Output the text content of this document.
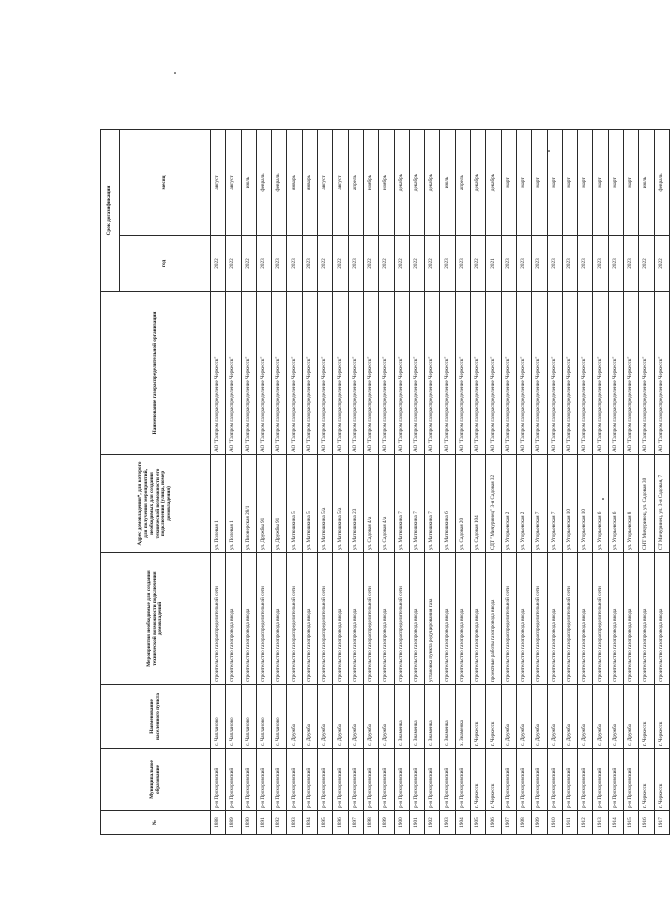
№	Муниципальное образование	Наименование населенного пункта	Мероприятия необходимые для создания технической возможности подключения домовладений	Адрес домовладения*, для которого для получения мероприятий, необходимых для создания технической возможности его подключения (улица, номер домовладения)	Наименование газораспределительной организации	Срок догазификации	
						год	месяц
1888	р-н Прохоровский	с. Чапланово	строительство газораспределительной сети	ул. Полевая 1	АО "Газпром газораспределение Черкесск"	2022	август
1889	р-н Прохоровский	с. Чапланово	строительство газопровода ввода	ул. Полевая 1	АО "Газпром газораспределение Черкесск"	2022	август
1890	р-н Прохоровский	с. Чапланово	строительство газопровода ввода	ул. Пионерская 28/1	АО "Газпром газораспределение Черкесск"	2022	июль
1891	р-н Прохоровский	с. Чапланово	строительство газораспределительной сети	ул. Дружбы 91	АО "Газпром газораспределение Черкесск"	2023	февраль
1892	р-н Прохоровский	с. Чапланово	строительство газопровода ввода	ул. Дружбы 91	АО "Газпром газораспределение Черкесск"	2023	февраль
1893	р-н Прохоровский	с. Дружба	строительство газораспределительной сети	ул. Матюшкина 5	АО "Газпром газораспределение Черкесск"	2023	январь
1894	р-н Прохоровский	с. Дружба	строительство газопровода ввода	ул. Матюшкина 5	АО "Газпром газораспределение Черкесск"	2023	январь
1895	р-н Прохоровский	с. Дружба	строительство газораспределительной сети	ул. Матюшкина 5/а	АО "Газпром газораспределение Черкесск"	2022	август
1896	р-н Прохоровский	с. Дружба	строительство газопровода ввода	ул. Матюшкина 5/а	АО "Газпром газораспределение Черкесск"	2022	август
1897	р-н Прохоровский	с. Дружба	строительство газопровода ввода	ул. Матюшкина 23	АО "Газпром газораспределение Черкесск"	2023	апрель
1898	р-н Прохоровский	с. Дружба	строительство газораспределительной сети	ул. Садовая 4/а	АО "Газпром газораспределение Черкесск"	2022	ноябрь
1899	р-н Прохоровский	с. Дружба	строительство газопровода ввода	ул. Садовая 4/а	АО "Газпром газораспределение Черкесск"	2022	ноябрь
1900	р-н Прохоровский	с. Знаменка	строительство газораспределительной сети	ул. Матюшкина 7	АО "Газпром газораспределение Черкесск"	2022	декабрь
1901	р-н Прохоровский	с. Знаменка	строительство газопровода ввода	ул. Матюшкина 7	АО "Газпром газораспределение Черкесск"	2022	декабрь
1902	р-н Прохоровский	с. Знаменка	установка пункта редуцирования газа	ул. Матюшкина 7	АО "Газпром газораспределение Черкесск"	2022	декабрь
1903	р-н Прохоровский	с. Знаменка	строительство газопровода ввода	ул. Матюшкина 6	АО "Газпром газораспределение Черкесск"	2023	июль
1904	р-н Прохоровский	х. Знаменка	строительство газопровода ввода	ул. Садовая 20	АО "Газпром газораспределение Черкесск"	2023	апрель
1905	г. Черкесск	г. Черкесск	строительство газопровода ввода	ул. Садовая 104	АО "Газпром газораспределение Черкесск"	2022	декабрь
1906	г. Черкесск	г. Черкесск	проектные работы газопровода ввода	СДТ "Мичуринец" 3-я Садовая 32	АО "Газпром газораспределение Черкесск"	2021	декабрь
1907	р-н Прохоровский	с. Дружба	строительство газораспределительной сети	ул. Угорьевская 2	АО "Газпром газораспределение Черкесск"	2023	март
1908	р-н Прохоровский	с. Дружба	строительство газопровода ввода	ул. Угорьевская 2	АО "Газпром газораспределение Черкесск"	2023	март
1909	р-н Прохоровский	с. Дружба	строительство газораспределительной сети	ул. Угорьевская 7	АО "Газпром газораспределение Черкесск"	2023	март
1910	р-н Прохоровский	с. Дружба	строительство газопровода ввода	ул. Угорьевская 7	АО "Газпром газораспределение Черкесск"	2023	март
1911	р-н Прохоровский	с. Дружба	строительство газораспределительной сети	ул. Угорьевская 10	АО "Газпром газораспределение Черкесск"	2023	март
1912	р-н Прохоровский	с. Дружба	строительство газопровода ввода	ул. Угорьевская 10	АО "Газпром газораспределение Черкесск"	2023	март
1913	р-н Прохоровский	с. Дружба	строительство газораспределительной сети	ул. Угорьевская 6	АО "Газпром газораспределение Черкесск"	2023	март
1914	р-н Прохоровский	с. Дружба	строительство газопровода ввода	ул. Угорьевская 6	АО "Газпром газораспределение Черкесск"	2023	март
1915	р-н Прохоровский	с. Дружба	строительство газопровода ввода	ул. Угорьевская 8	АО "Газпром газораспределение Черкесск"	2023	март
1916	г. Черкесск	г. Черкесск	строительство газопровода ввода	СНТ Мичуринец, ул. Садовая 30	АО "Газпром газораспределение Черкесск"	2022	июль
1917	г. Черкесск	г. Черкесск	строительство газопровода ввода	СТ Мичуринец, ул. 3-я Садовая, 7	АО "Газпром газораспределение Черкесск"	2022	февраль
